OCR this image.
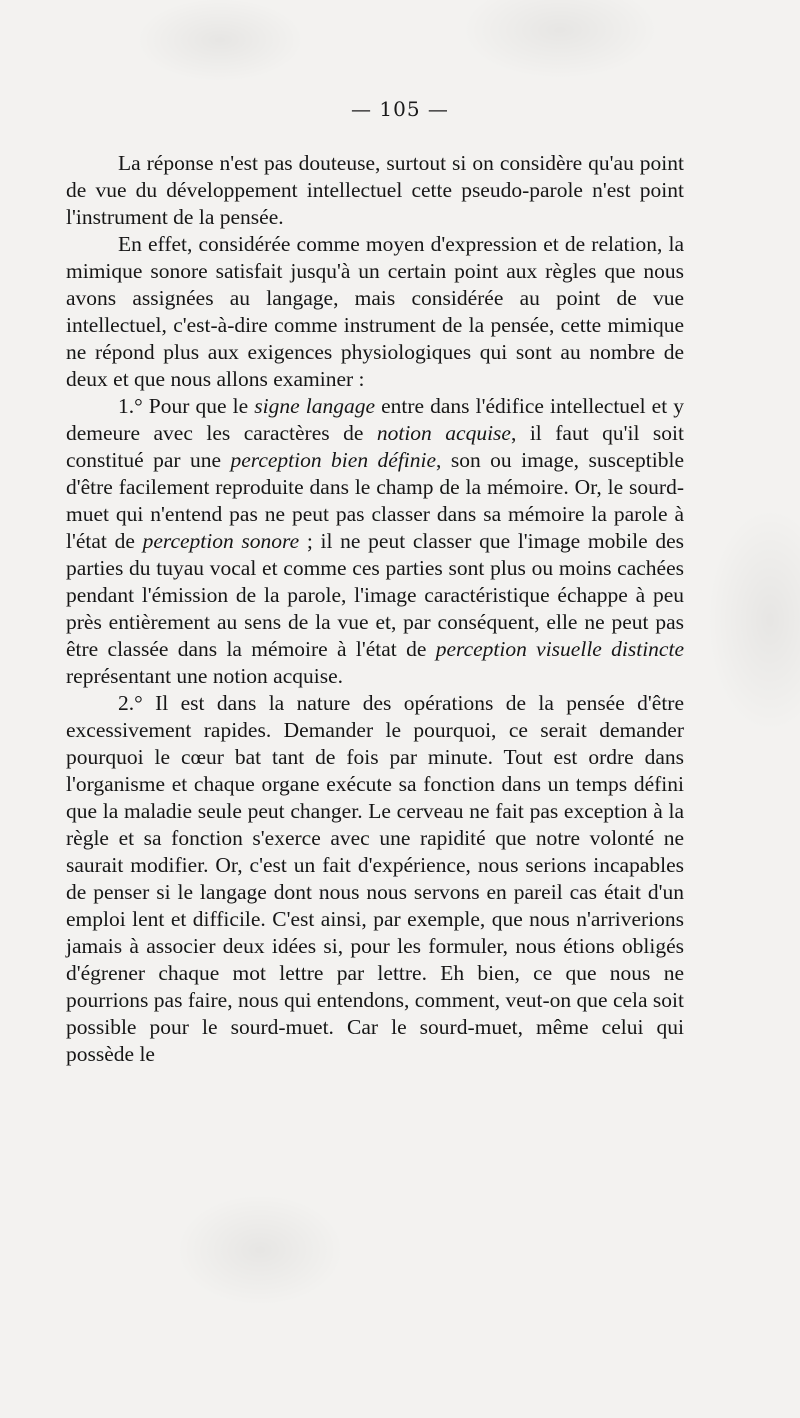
— 105 —

La réponse n'est pas douteuse, surtout si on considère qu'au point de vue du développement intellectuel cette pseudo-parole n'est point l'instrument de la pensée.

En effet, considérée comme moyen d'expression et de relation, la mimique sonore satisfait jusqu'à un certain point aux règles que nous avons assignées au langage, mais considérée au point de vue intellectuel, c'est-à-dire comme instrument de la pensée, cette mimique ne répond plus aux exigences physiologiques qui sont au nombre de deux et que nous allons examiner :

1.° Pour que le signe langage entre dans l'édifice intellectuel et y demeure avec les caractères de notion acquise, il faut qu'il soit constitué par une perception bien définie, son ou image, susceptible d'être facilement reproduite dans le champ de la mémoire. Or, le sourd-muet qui n'entend pas ne peut pas classer dans sa mémoire la parole à l'état de perception sonore ; il ne peut classer que l'image mobile des parties du tuyau vocal et comme ces parties sont plus ou moins cachées pendant l'émission de la parole, l'image caractéristique échappe à peu près entièrement au sens de la vue et, par conséquent, elle ne peut pas être classée dans la mémoire à l'état de perception visuelle distincte représentant une notion acquise.

2.° Il est dans la nature des opérations de la pensée d'être excessivement rapides. Demander le pourquoi, ce serait demander pourquoi le cœur bat tant de fois par minute. Tout est ordre dans l'organisme et chaque organe exécute sa fonction dans un temps défini que la maladie seule peut changer. Le cerveau ne fait pas exception à la règle et sa fonction s'exerce avec une rapidité que notre volonté ne saurait modifier. Or, c'est un fait d'expérience, nous serions incapables de penser si le langage dont nous nous servons en pareil cas était d'un emploi lent et difficile. C'est ainsi, par exemple, que nous n'arriverions jamais à associer deux idées si, pour les formuler, nous étions obligés d'égrener chaque mot lettre par lettre. Eh bien, ce que nous ne pourrions pas faire, nous qui entendons, comment, veut-on que cela soit possible pour le sourd-muet. Car le sourd-muet, même celui qui possède le
